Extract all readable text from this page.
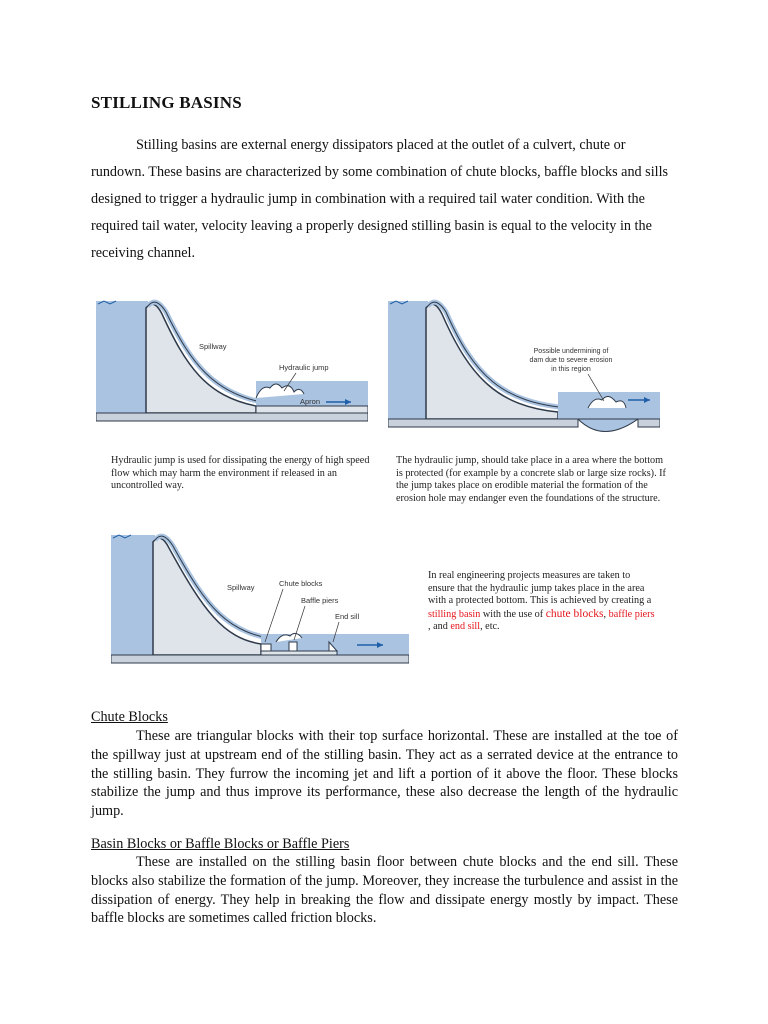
STILLING BASINS
Stilling basins are external energy dissipators placed at the outlet of a culvert, chute or rundown. These basins are characterized by some combination of chute blocks, baffle blocks and sills designed to trigger a hydraulic jump in combination with a required tail water condition. With the required tail water, velocity leaving a properly designed stilling basin is equal to the velocity in the receiving channel.
Spillway
Hydraulic jump
Apron
Possible undermining of
dam due to severe erosion
in this region
Hydraulic jump is used for dissipating the energy of high speed flow which may harm the environment if released in an uncontrolled way.
The hydraulic jump, should take place in a area where the bottom is protected (for example by a concrete slab or large size rocks). If the jump takes place on erodible material the formation of the erosion hole may endanger even the foundations of the structure.
Spillway	Chute blocks
Baffle piers
End sill
In real engineering projects measures are taken to ensure that the hydraulic jump takes place in the area with a protected bottom. This is achieved by creating a stilling basin with the use of chute blocks, baffle piers , and end sill, etc.
Chute Blocks
These are triangular blocks with their top surface horizontal. These are installed at the toe of the spillway just at upstream end of the stilling basin. They act as a serrated device at the entrance to the stilling basin. They furrow the incoming jet and lift a portion of it above the floor. These blocks stabilize the jump and thus improve its performance, these also decrease the length of the hydraulic jump.
Basin Blocks or Baffle Blocks or Baffle Piers
These are installed on the stilling basin floor between chute blocks and the end sill. These blocks also stabilize the formation of the jump. Moreover, they increase the turbulence and assist in the dissipation of energy. They help in breaking the flow and dissipate energy mostly by impact. These baffle blocks are sometimes called friction blocks.
